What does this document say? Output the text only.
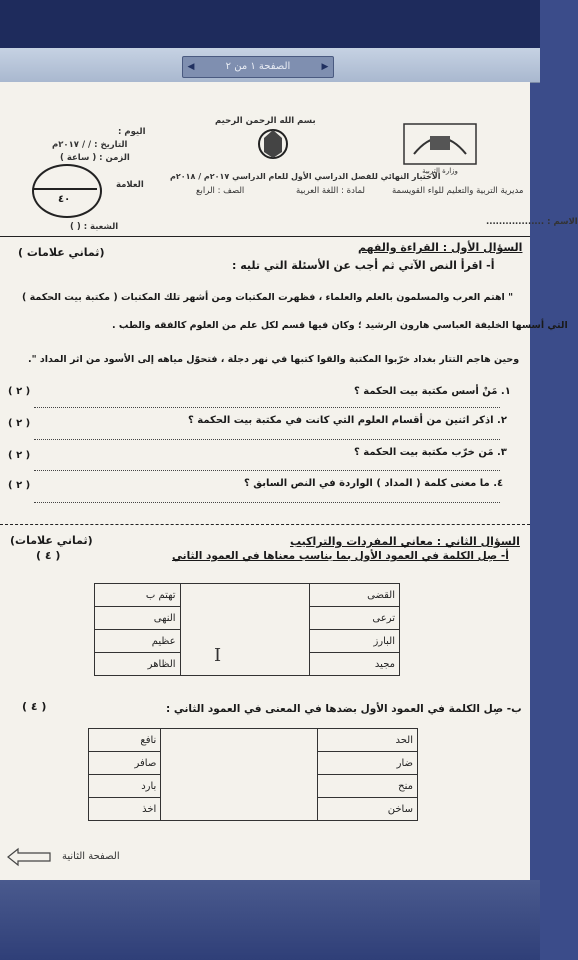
◀	الصفحة ١ من ٢	▶
بسم الله الرحمن الرحيم
وزارة التربية
مديرية التربية والتعليم للواء القويسمة
الاختبار النهائي للفصل الدراسي الأول للعام الدراسي ٢٠١٧م / ٢٠١٨م
لمادة : اللغة العربية
الصف : الرابع
اليوم :
التاريخ : / / ٢٠١٧م
الزمن : ( ساعة )
العلامة
٤٠
الاسم : ..................
الشعبة : ( )
السؤال الأول : القراءة والفهم
(ثماني علامات )
أ- اقرأ النص الآتي ثم أجب عن الأسئلة التي تليه :
" اهتم العرب والمسلمون بالعلم والعلماء ، فظهرت المكتبات ومن أشهر تلك المكتبات ( مكتبة بيت الحكمة )
التي أسسها الخليفة العباسي هارون الرشيد ؛ وكان فيها قسم لكل علم من العلوم كالفقه والطب .
وحين هاجم التتار بغداد خرّبوا المكتبة والقوا كتبها في نهر دجلة ، فتحوّل مياهه إلى الأسود من اثر المداد ".
١. مَنْ أسس مكتبة بيت الحكمة ؟
( ٢ )
٢. اذكر اثنين من أقسام العلوم التي كانت في مكتبة بيت الحكمة ؟
( ٢ )
٣. مَن خرّب مكتبة بيت الحكمة ؟
( ٢ )
٤. ما معنى كلمة ( المداد ) الواردة في النص السابق ؟
( ٢ )
السؤال الثاني : معاني المفردات والتراكيب
(ثماني علامات)
( ٤ )	أ- صِل الكلمة في العمود الأول بما يناسب معناها في العمود الثاني
تهتم ب		القضى
النهى		ترعى
عظيم		البارز
الظاهر		مجيد
I
( ٤ )	ب- صِل الكلمة في العمود الأول بضدها في المعنى في العمود الثاني :
نافع		الحد
صافر		ضار
بارد		منح
اخذ		ساخن
الصفحة الثانية
